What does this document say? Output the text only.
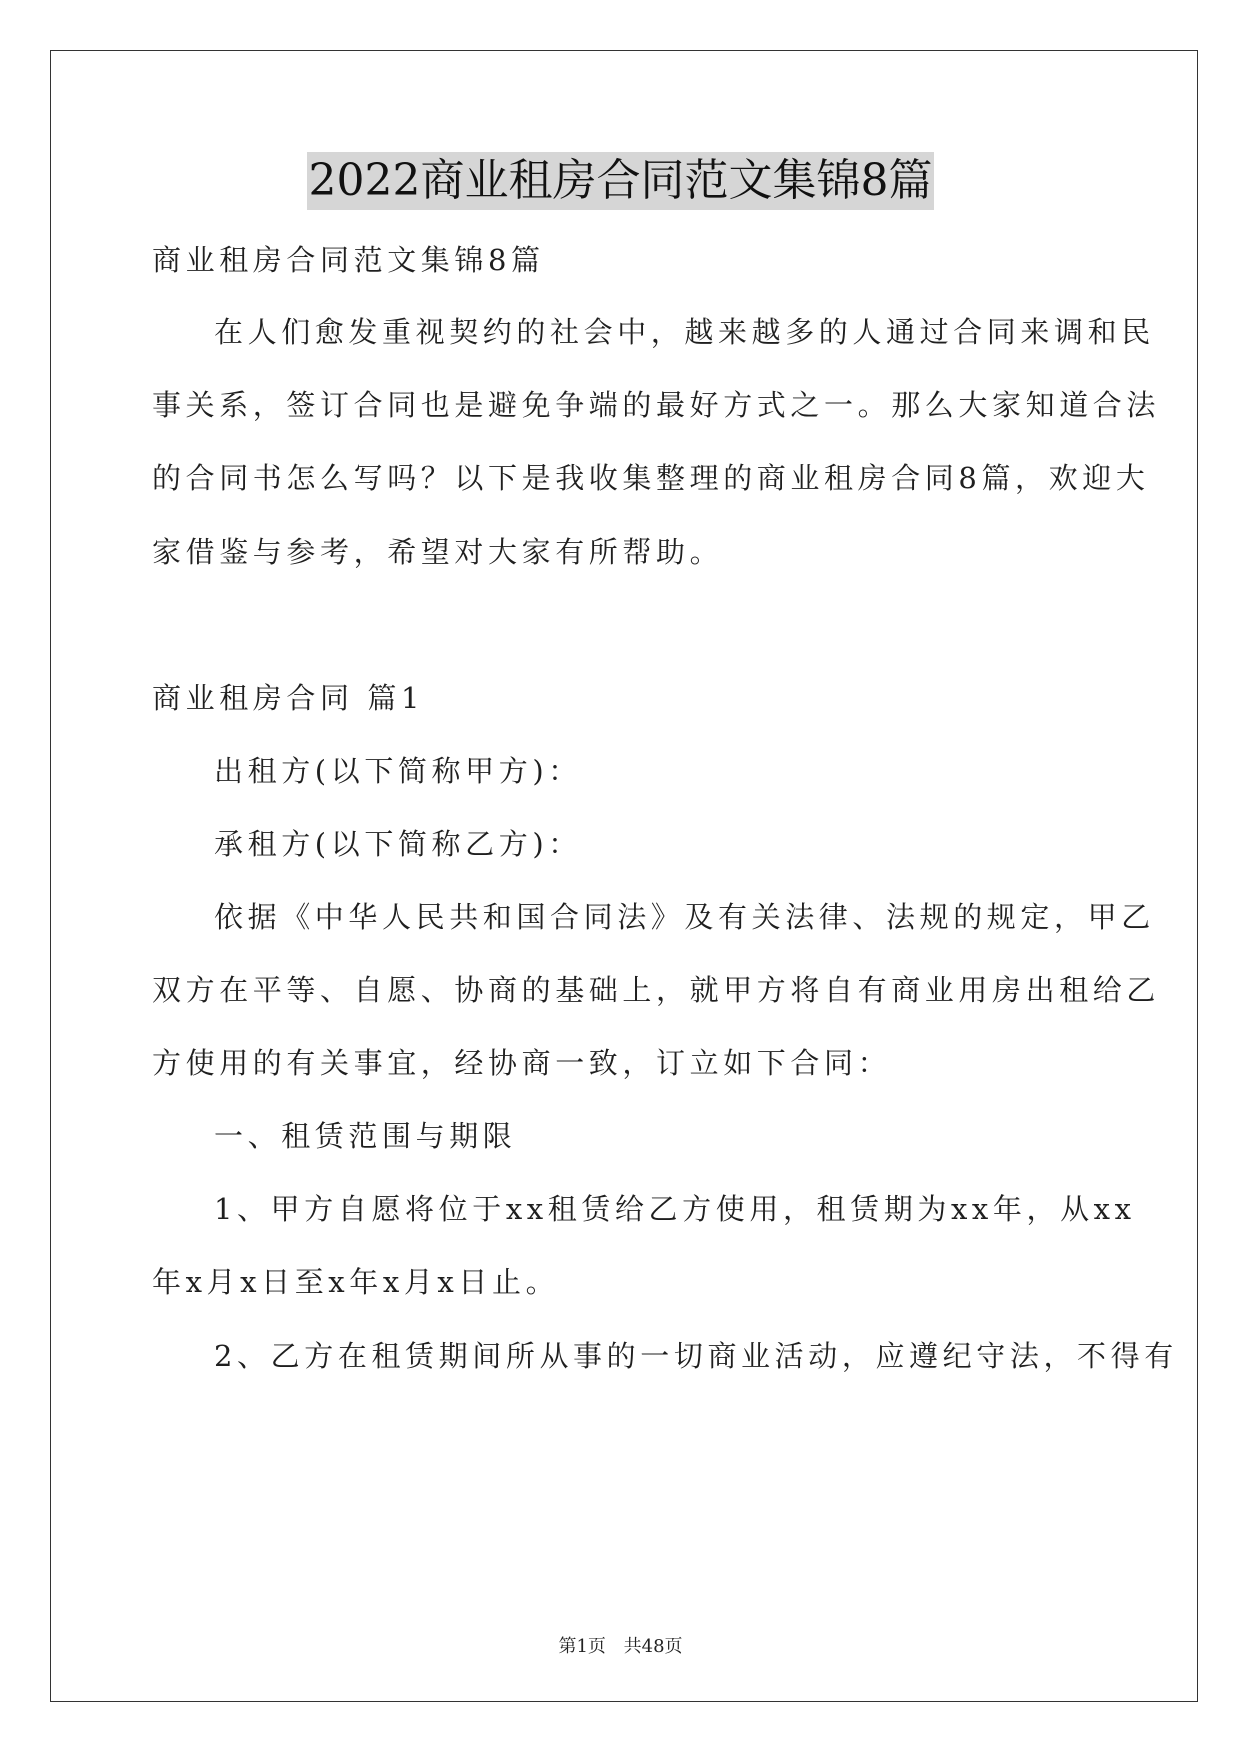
2022商业租房合同范文集锦8篇
商业租房合同范文集锦8篇
在人们愈发重视契约的社会中，越来越多的人通过合同来调和民
事关系，签订合同也是避免争端的最好方式之一。那么大家知道合法
的合同书怎么写吗？以下是我收集整理的商业租房合同8篇，欢迎大
家借鉴与参考，希望对大家有所帮助。
商业租房合同 篇1
出租方(以下简称甲方)：
承租方(以下简称乙方)：
依据《中华人民共和国合同法》及有关法律、法规的规定，甲乙
双方在平等、自愿、协商的基础上，就甲方将自有商业用房出租给乙
方使用的有关事宜，经协商一致，订立如下合同：
一、租赁范围与期限
1、甲方自愿将位于xx租赁给乙方使用，租赁期为xx年，从xx
年x月x日至x年x月x日止。
2、乙方在租赁期间所从事的一切商业活动，应遵纪守法，不得有
第1页 共48页
